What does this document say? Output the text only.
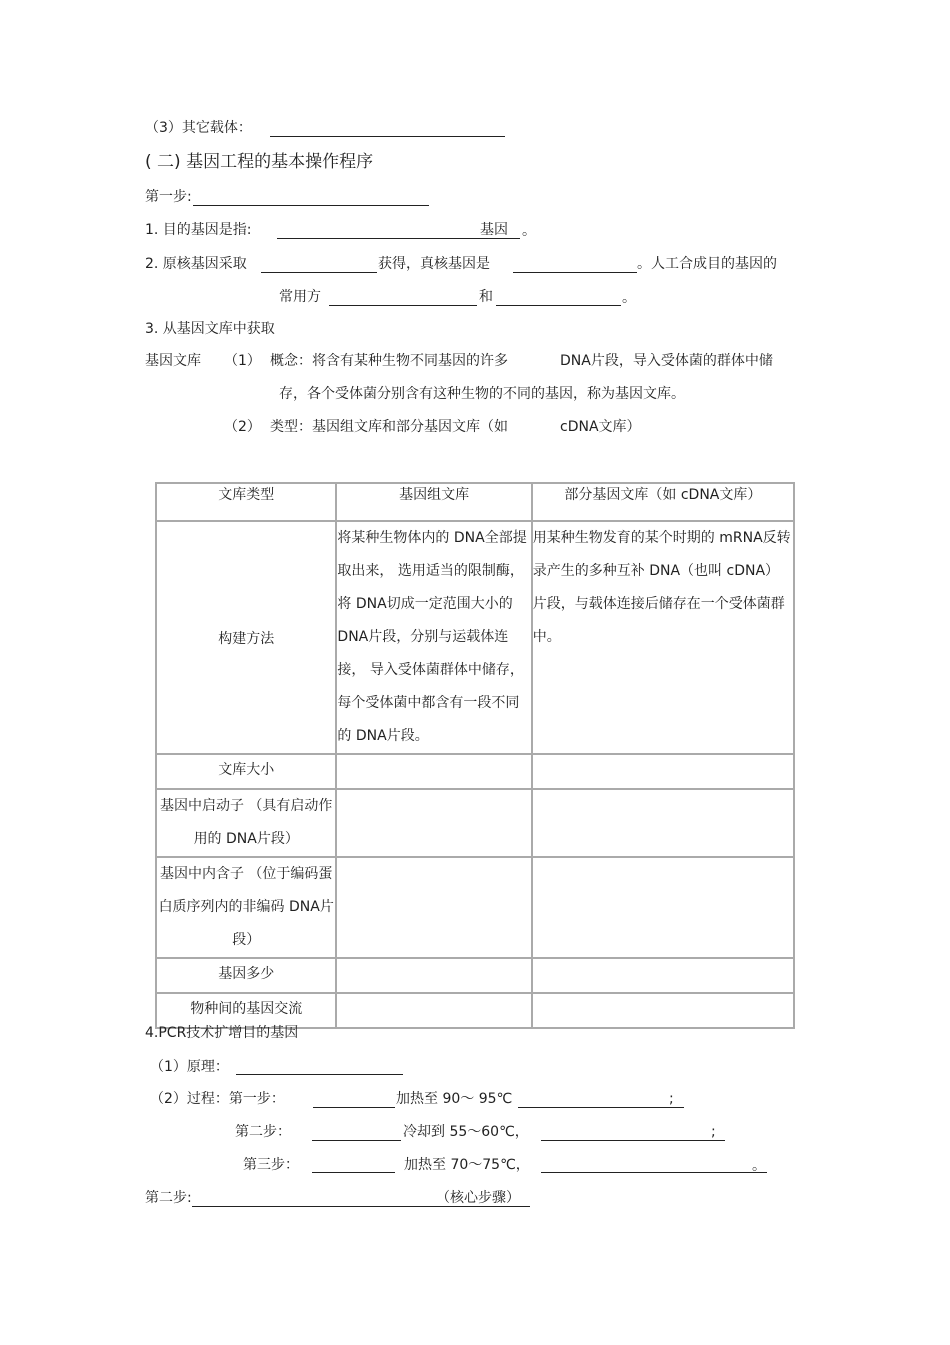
（3）其它载体：
( 二) 基因工程的基本操作程序
第一步:
1. 目的基因是指:	基因 。
2. 原核基因采取	获得，真核基因是	。人工合成目的基因的
常用方	和	。
3. 从基因文库中获取
基因文库 （1） 概念：将含有某种生物不同基因的许多	DNA片段，导入受体菌的群体中储
存，各个受体菌分别含有这种生物的不同的基因，称为基因文库。
（2） 类型：基因组文库和部分基因文库（如	cDNA文库）
文库类型	基因组文库	部分基因文库（如 cDNA文库）
构建方法	将某种生物体内的 DNA全部提取出来， 选用适当的限制酶，将 DNA切成一定范围大小的 DNA片段，分别与运载体连接， 导入受体菌群体中储存，每个受体菌中都含有一段不同的 DNA片段。	用某种生物发育的某个时期的 mRNA反转录产生的多种互补 DNA（也叫 cDNA）片段，与载体连接后储存在一个受体菌群中。
文库大小		
基因中启动子 （具有启动作用的 DNA片段）		
基因中内含子 （位于编码蛋白质序列内的非编码 DNA片段）		
基因多少		
物种间的基因交流		
4.PCR技术扩增目的基因
（1）原理：
（2）过程：第一步：	加热至 90～ 95℃	;
第二步：	冷却到 55～60℃，	;
第三步：	加热至 70～75℃，	。
第二步:	（核心步骤）
